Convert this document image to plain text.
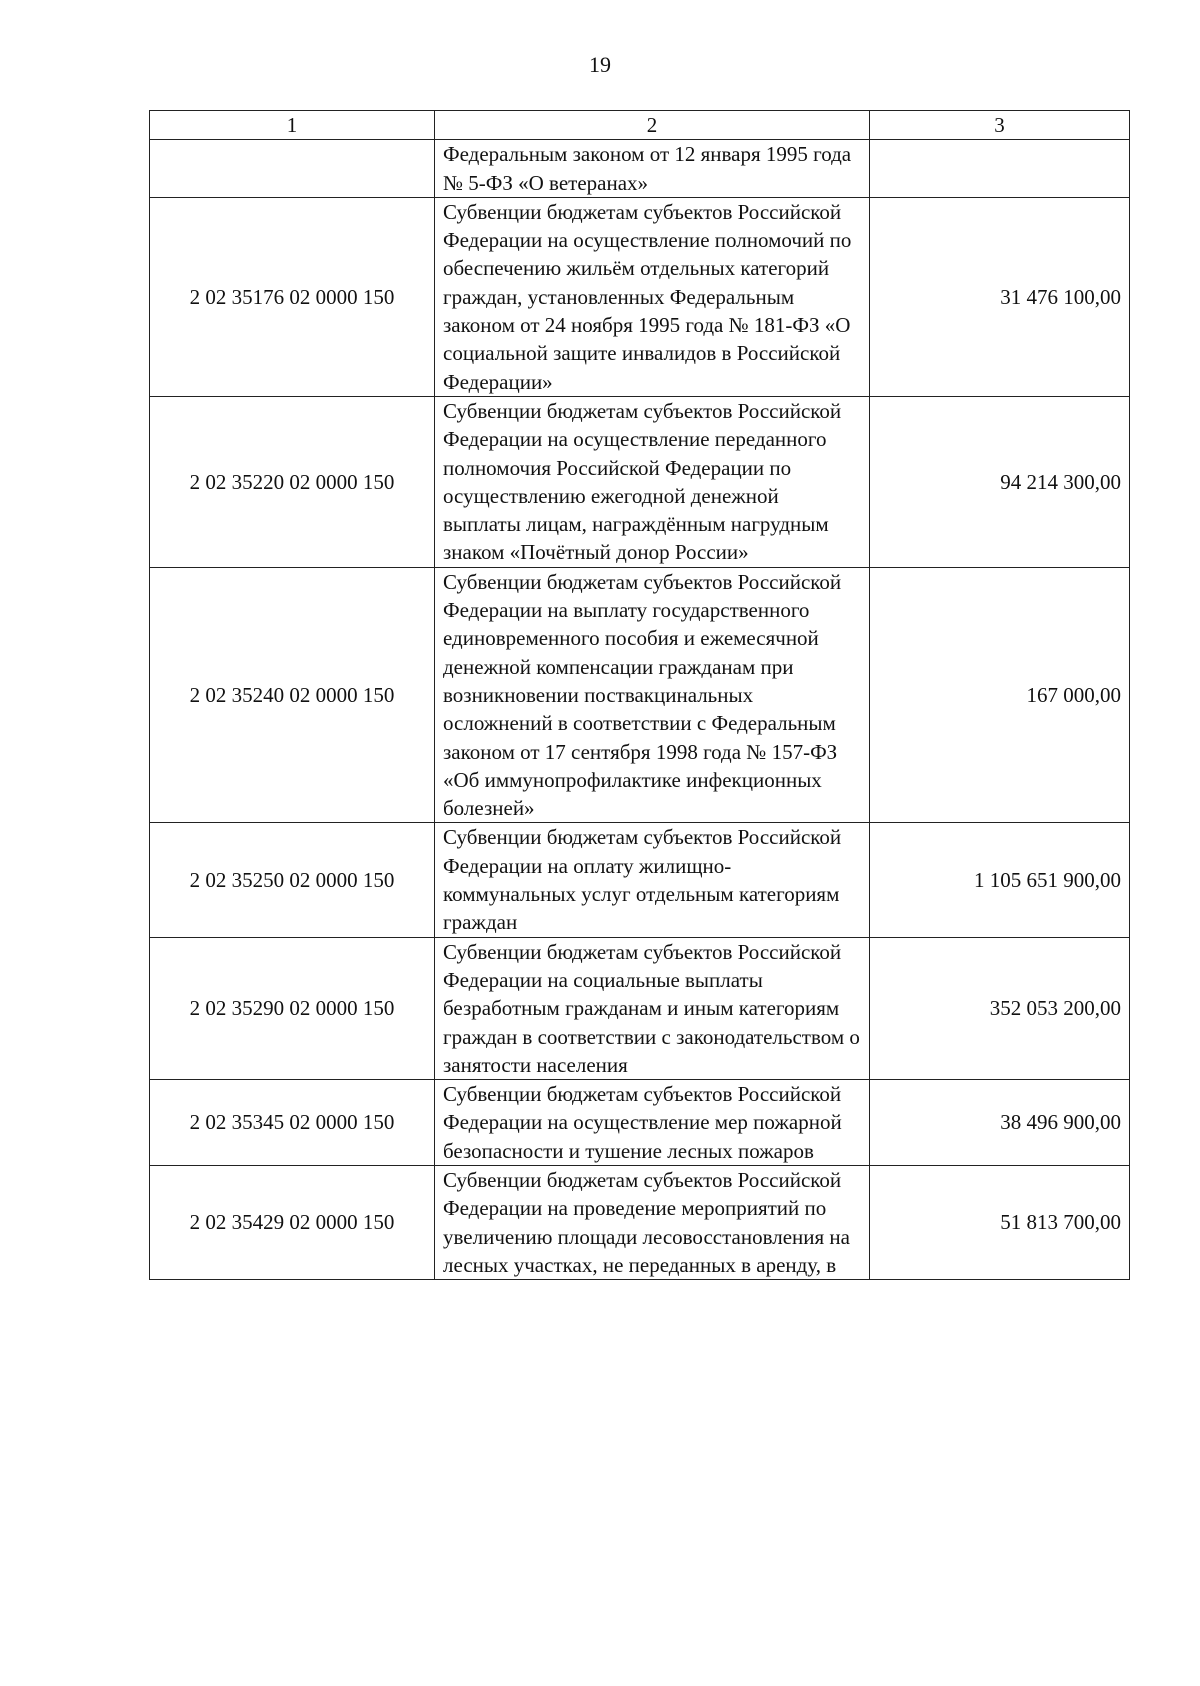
19
1	2	3
	Федеральным законом от 12 января 1995 года № 5-ФЗ «О ветеранах»	
2 02 35176 02 0000 150	Субвенции бюджетам субъектов Российской Федерации на осуществление полномочий по обеспечению жильём отдельных категорий граждан, установленных Федеральным законом от 24 ноября 1995 года № 181-ФЗ «О социальной защите инвалидов в Российской Федерации»	31 476 100,00
2 02 35220 02 0000 150	Субвенции бюджетам субъектов Российской Федерации на осуществление переданного полномочия Российской Федерации по осуществлению ежегодной денежной выплаты лицам, награждённым нагрудным знаком «Почётный донор России»	94 214 300,00
2 02 35240 02 0000 150	Субвенции бюджетам субъектов Российской Федерации на выплату государственного единовременного пособия и ежемесячной денежной компенсации гражданам при возникновении поствакцинальных осложнений в соответствии с Федеральным законом от 17 сентября 1998 года № 157-ФЗ «Об иммунопрофилактике инфекционных болезней»	167 000,00
2 02 35250 02 0000 150	Субвенции бюджетам субъектов Российской Федерации на оплату жилищно-коммунальных услуг отдельным категориям граждан	1 105 651 900,00
2 02 35290 02 0000 150	Субвенции бюджетам субъектов Российской Федерации на социальные выплаты безработным гражданам и иным категориям граждан в соответствии с законодательством о занятости населения	352 053 200,00
2 02 35345 02 0000 150	Субвенции бюджетам субъектов Российской Федерации на осуществление мер пожарной безопасности и тушение лесных пожаров	38 496 900,00
2 02 35429 02 0000 150	Субвенции бюджетам субъектов Российской Федерации на проведение мероприятий по увеличению площади лесовосстановления на лесных участках, не переданных в аренду, в	51 813 700,00
